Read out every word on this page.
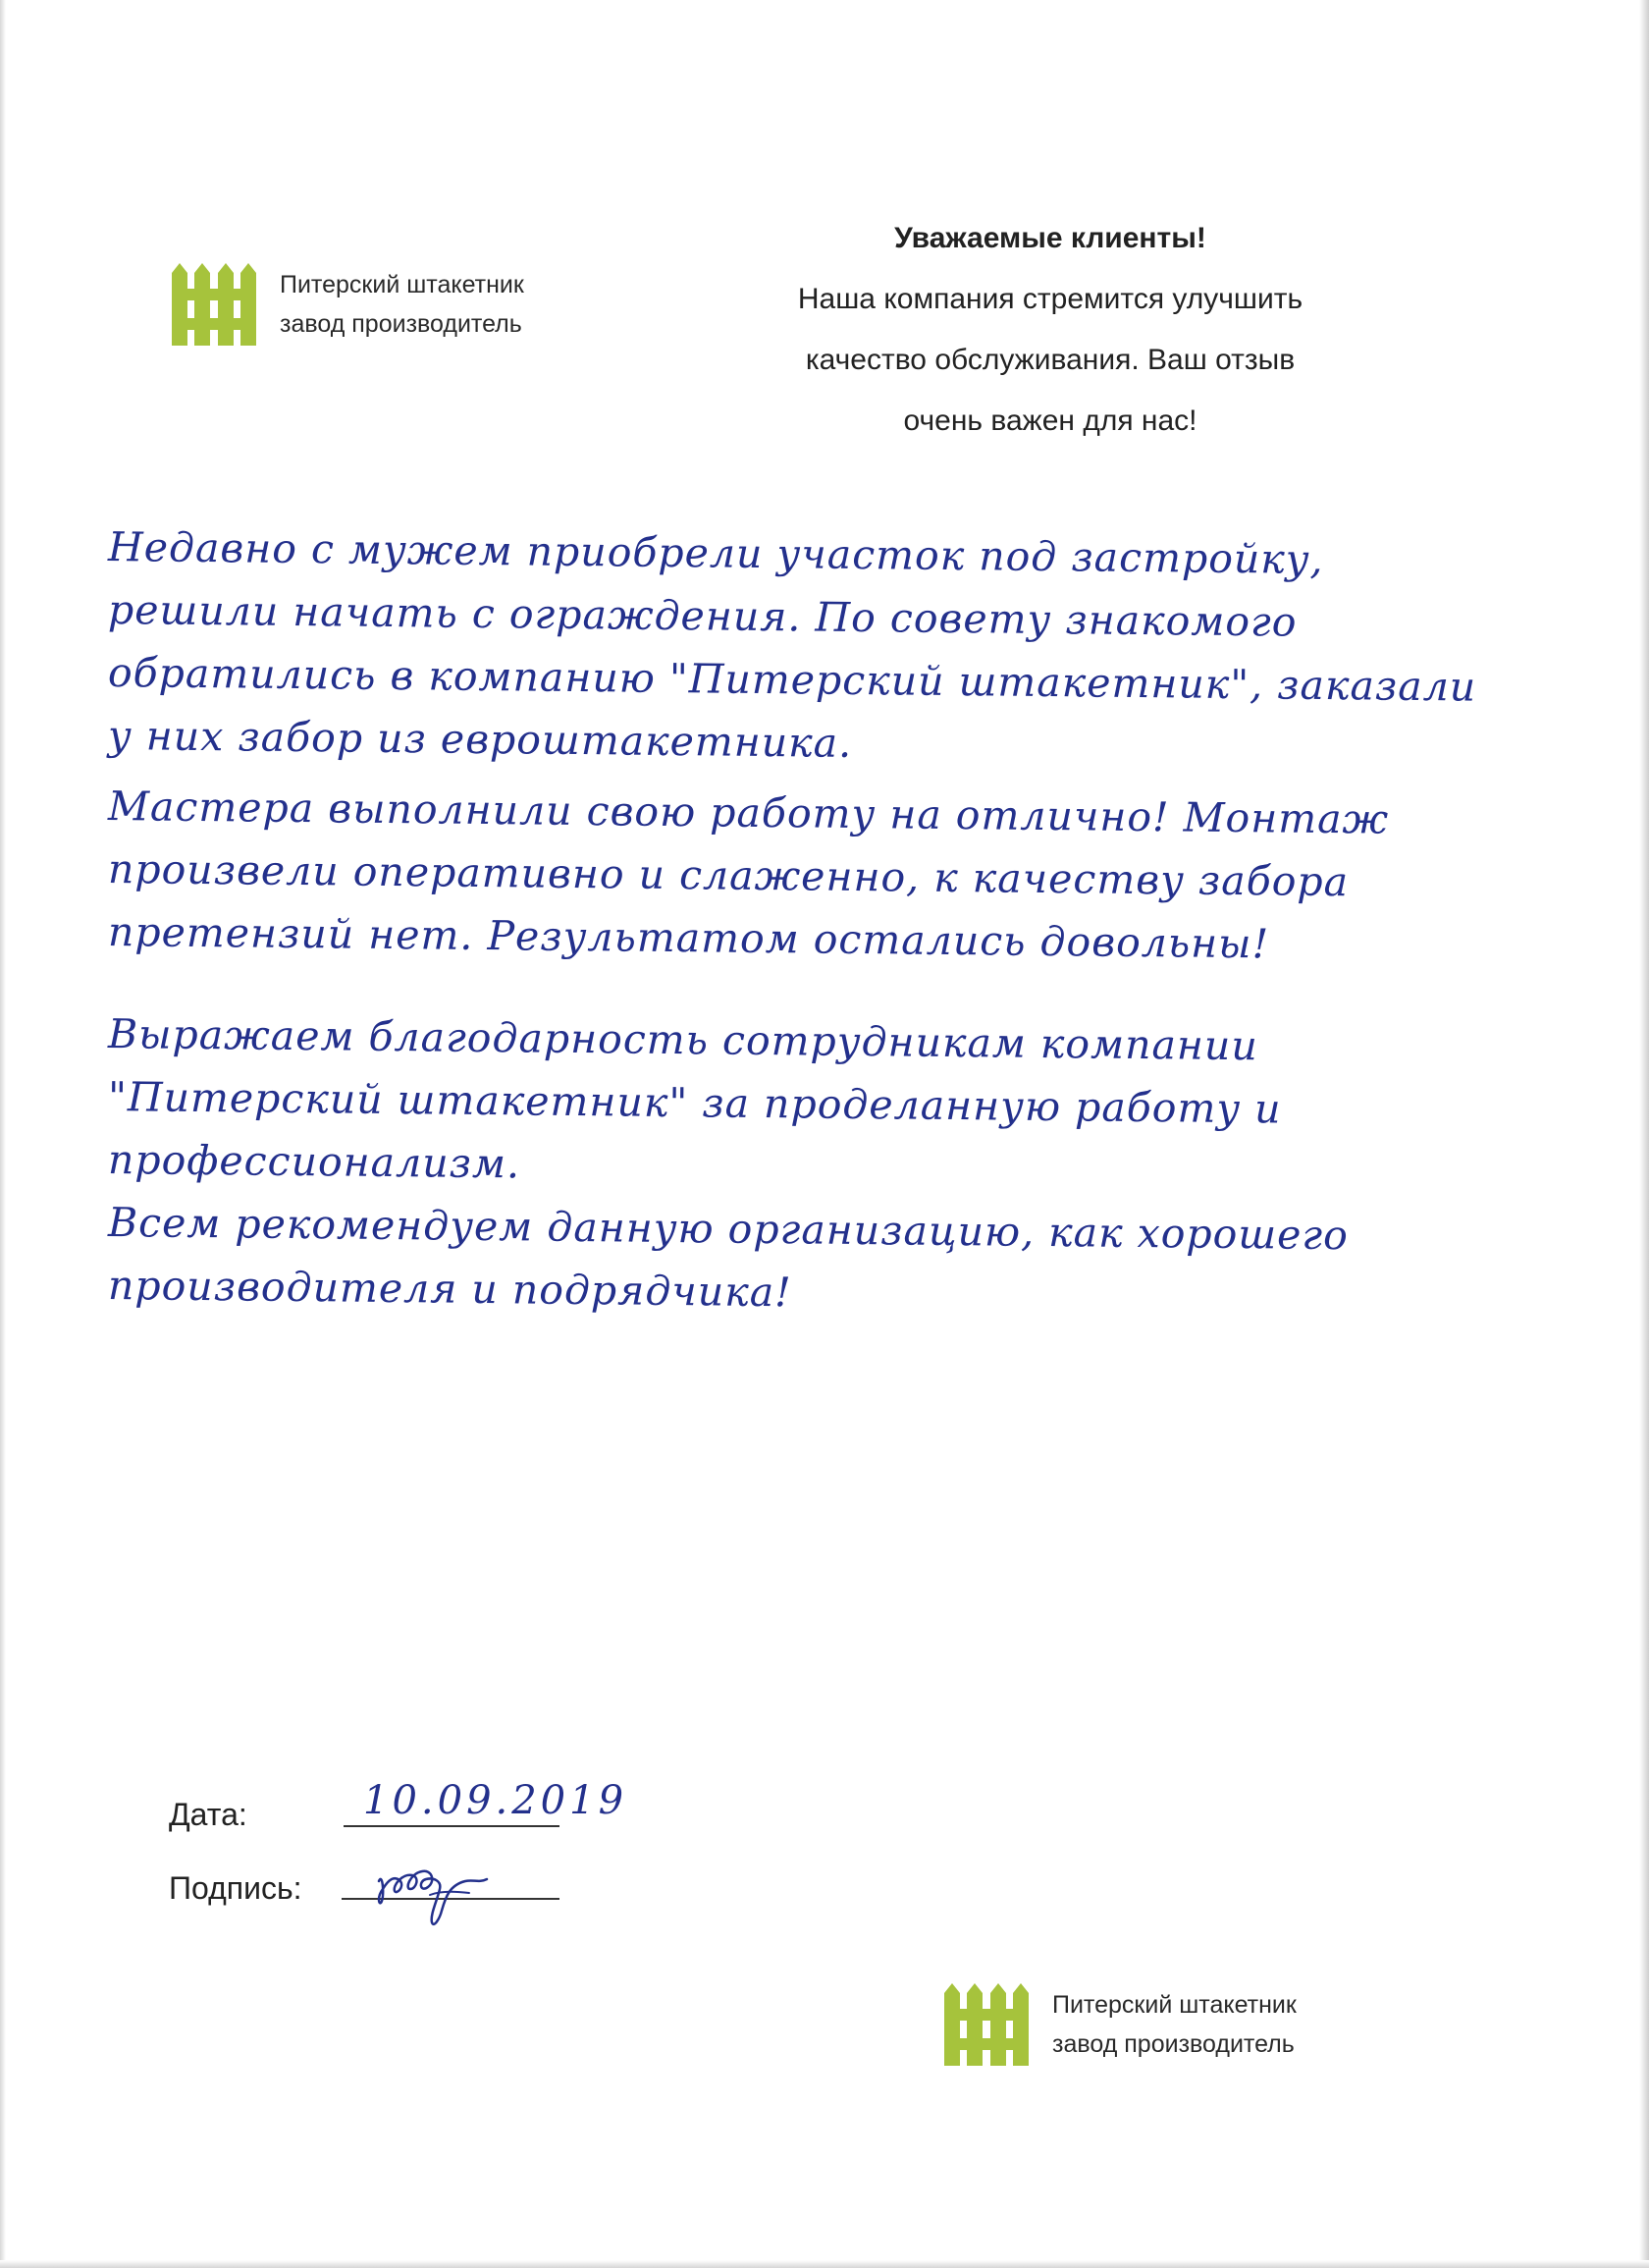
Питерский штакетник
завод производитель
Уважаемые клиенты!
Наша компания стремится улучшить
качество обслуживания. Ваш отзыв
очень важен для нас!
Недавно с мужем приобрели участок под застройку,
решили начать с ограждения. По совету знакомого
обратились в компанию "Питерский штакетник", заказали
у них забор из евроштакетника.
Мастера выполнили свою работу на отлично! Монтаж
произвели оперативно и слаженно, к качеству забора
претензий нет. Результатом остались довольны!
Выражаем благодарность сотрудникам компании
"Питерский штакетник" за проделанную работу и
профессионализм.
Всем рекомендуем данную организацию, как хорошего
производителя и подрядчика!
Дата:	10.09.2019
Подпись:
Питерский штакетник
завод производитель
